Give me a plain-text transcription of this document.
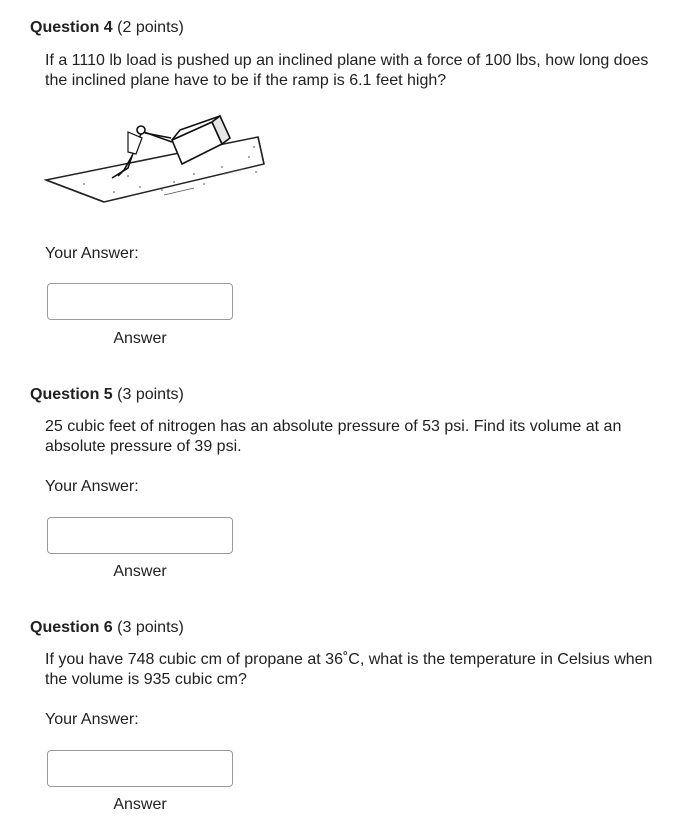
Question 4 (2 points)
If a 1110 lb load is pushed up an inclined plane with a force of 100 lbs, how long does the inclined plane have to be if the ramp is 6.1 feet high?
Your Answer:
Answer
Question 5 (3 points)
25 cubic feet of nitrogen has an absolute pressure of 53 psi. Find its volume at an absolute pressure of 39 psi.
Your Answer:
Answer
Question 6 (3 points)
If you have 748 cubic cm of propane at 36˚C, what is the temperature in Celsius when the volume is 935 cubic cm?
Your Answer:
Answer
